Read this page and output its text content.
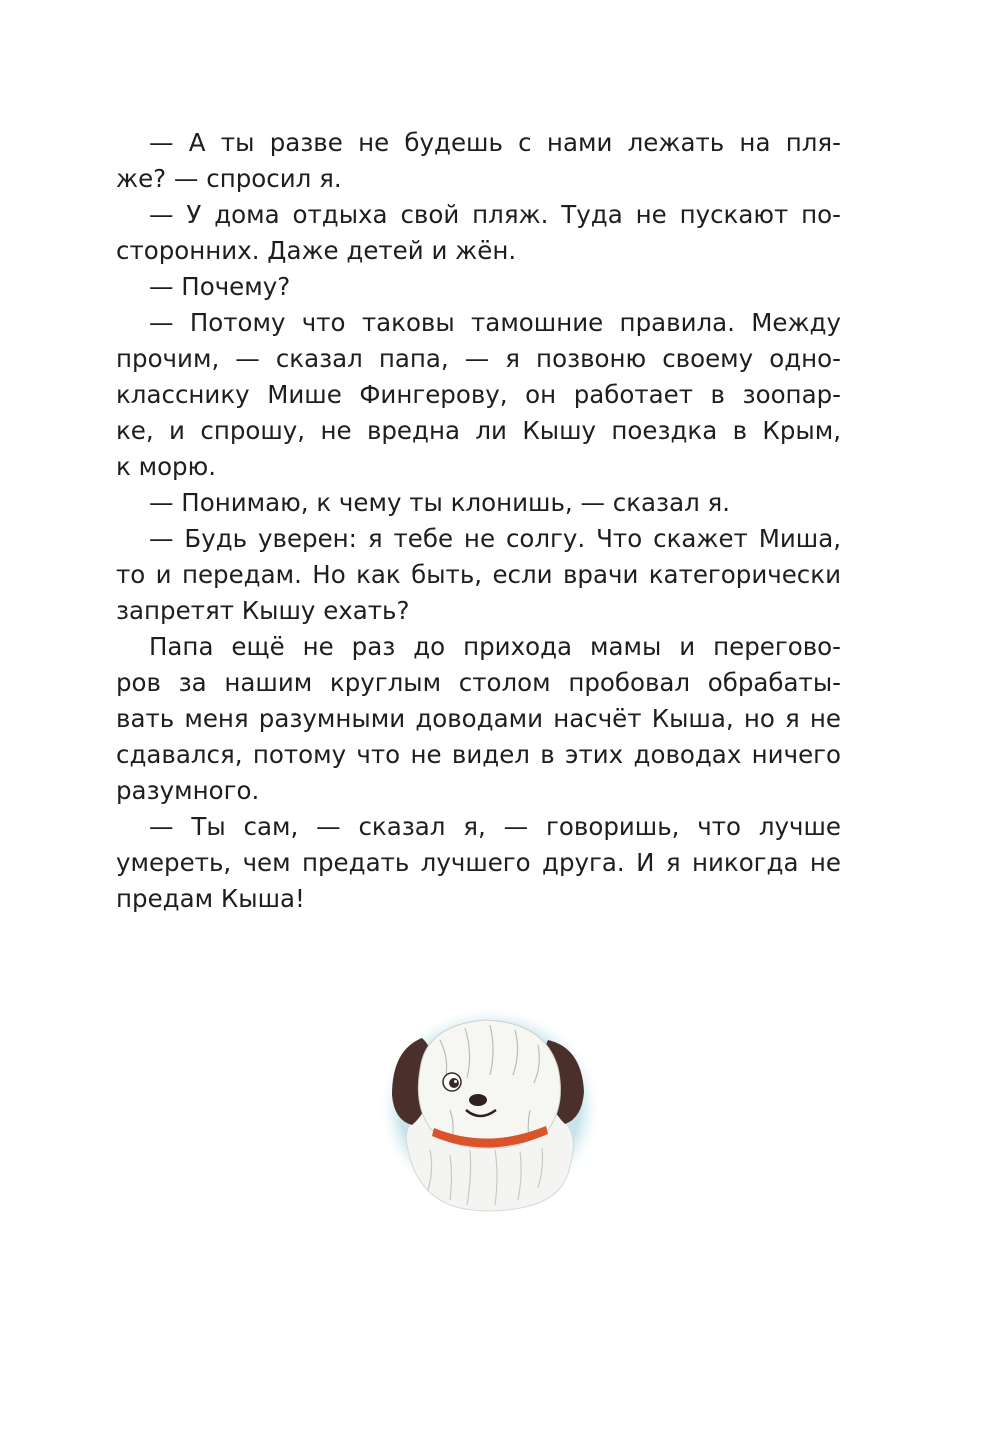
— А ты разве не будешь с нами лежать на пля-
же? — спросил я.
— У дома отдыха свой пляж. Туда не пускают по-
сторонних. Даже детей и жён.
— Почему?
— Потому что таковы тамошние правила. Между
прочим, — сказал папа, — я позвоню своему одно-
класснику Мише Фингерову, он работает в зоопар-
ке, и спрошу, не вредна ли Кышу поездка в Крым,
к морю.
— Понимаю, к чему ты клонишь, — сказал я.
— Будь уверен: я тебе не солгу. Что скажет Миша,
то и передам. Но как быть, если врачи категорически
запретят Кышу ехать?
Папа ещё не раз до прихода мамы и перегово-
ров за нашим круглым столом пробовал обрабаты-
вать меня разумными доводами насчёт Кыша, но я не
сдавался, потому что не видел в этих доводах ничего
разумного.
— Ты сам, — сказал я, — говоришь, что лучше
умереть, чем предать лучшего друга. И я никогда не
предам Кыша!
